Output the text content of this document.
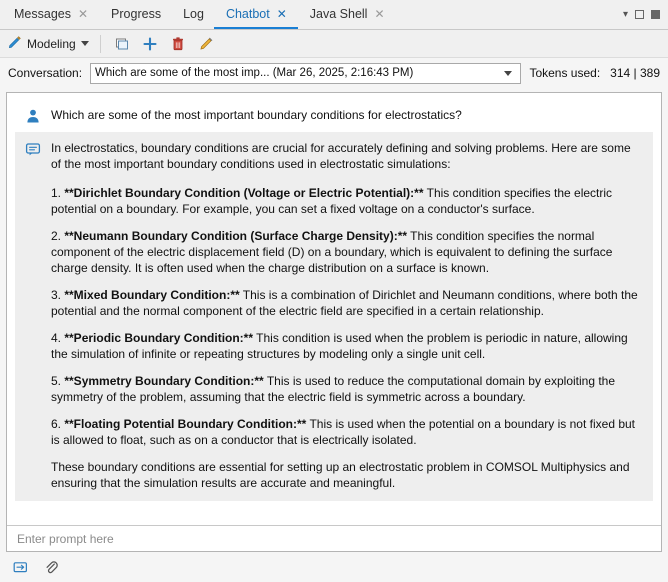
Messages ✕ Progress Log Chatbot ✕ Java Shell ✕	▾
Modeling
Conversation: Which are some of the most imp... (Mar 26, 2025, 2:16:43 PM)	Tokens used: 314 | 389

Which are some of the most important boundary conditions for electrostatics?

In electrostatics, boundary conditions are crucial for accurately defining and solving problems. Here are some of the most important boundary conditions used in electrostatic simulations:

1. **Dirichlet Boundary Condition (Voltage or Electric Potential):** This condition specifies the electric potential on a boundary. For example, you can set a fixed voltage on a conductor's surface.

2. **Neumann Boundary Condition (Surface Charge Density):** This condition specifies the normal component of the electric displacement field (D) on a boundary, which is equivalent to defining the surface charge density. It is often used when the charge distribution on a surface is known.

3. **Mixed Boundary Condition:** This is a combination of Dirichlet and Neumann conditions, where both the potential and the normal component of the electric field are specified in a certain relationship.

4. **Periodic Boundary Condition:** This condition is used when the problem is periodic in nature, allowing the simulation of infinite or repeating structures by modeling only a single unit cell.

5. **Symmetry Boundary Condition:** This is used to reduce the computational domain by exploiting the symmetry of the problem, assuming that the electric field is symmetric across a boundary.

6. **Floating Potential Boundary Condition:** This is used when the potential on a boundary is not fixed but is allowed to float, such as on a conductor that is electrically isolated.

These boundary conditions are essential for setting up an electrostatic problem in COMSOL Multiphysics and ensuring that the simulation results are accurate and meaningful.

Enter prompt here
